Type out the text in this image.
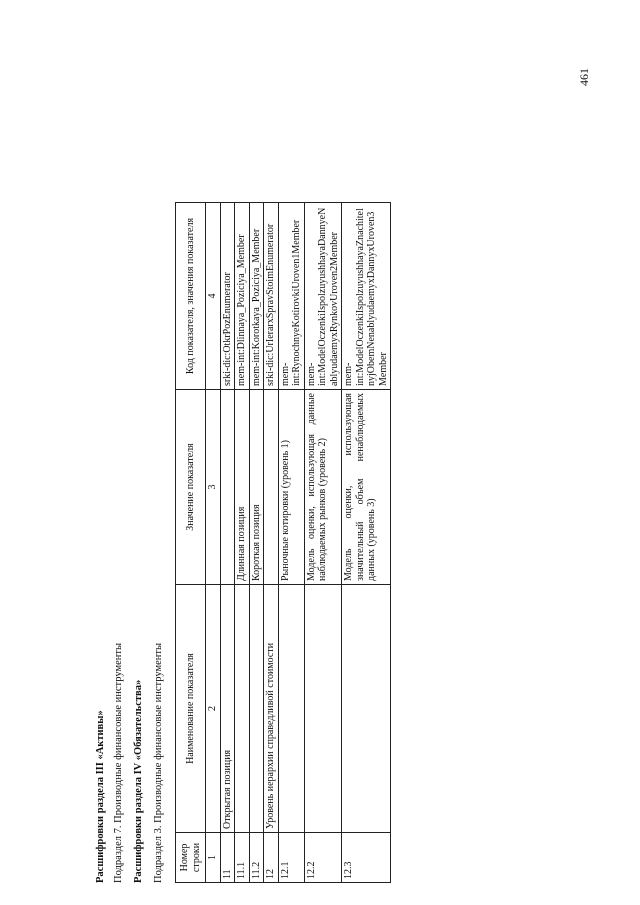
461
Расшифровки раздела III «Активы» Подраздел 7. Производные финансовые инструменты Расшифровки раздела IV «Обязательства» Подраздел 3. Производные финансовые инструменты Номер строки	Наименование показателя	Значение показателя	Код показателя, значения показателя
1	2	3	4
11	Открытая позиция		srki-dic:OtkrPozEnumerator
11.1		Длинная позиция	mem-int:Dlinnaya_Poziciya_Member
11.2		Короткая позиция	mem-int:Korotkaya_Poziciya_Member
12	Уровень иерархии справедливой стоимости		srki-dic:UrIerarxSpravStoimEnumerator
12.1		Рыночные котировки (уровень 1)	mem-int:RynochnyeKotirovkiUroven1Member
12.2		Модель оценки, использующая данные наблюдаемых рынков (уровень 2)	mem-int:ModelOczenkiIspolzuyushhayaDannyeNablyudaemyxRynkovUroven2Member
12.3		Модель оценки, использующая значительный объем ненаблюдаемых данных (уровень 3)	mem-int:ModelOczenkiIspolzuyushhayaZnachitelnyjObemNenablyudaemyxDannyxUroven3Member
